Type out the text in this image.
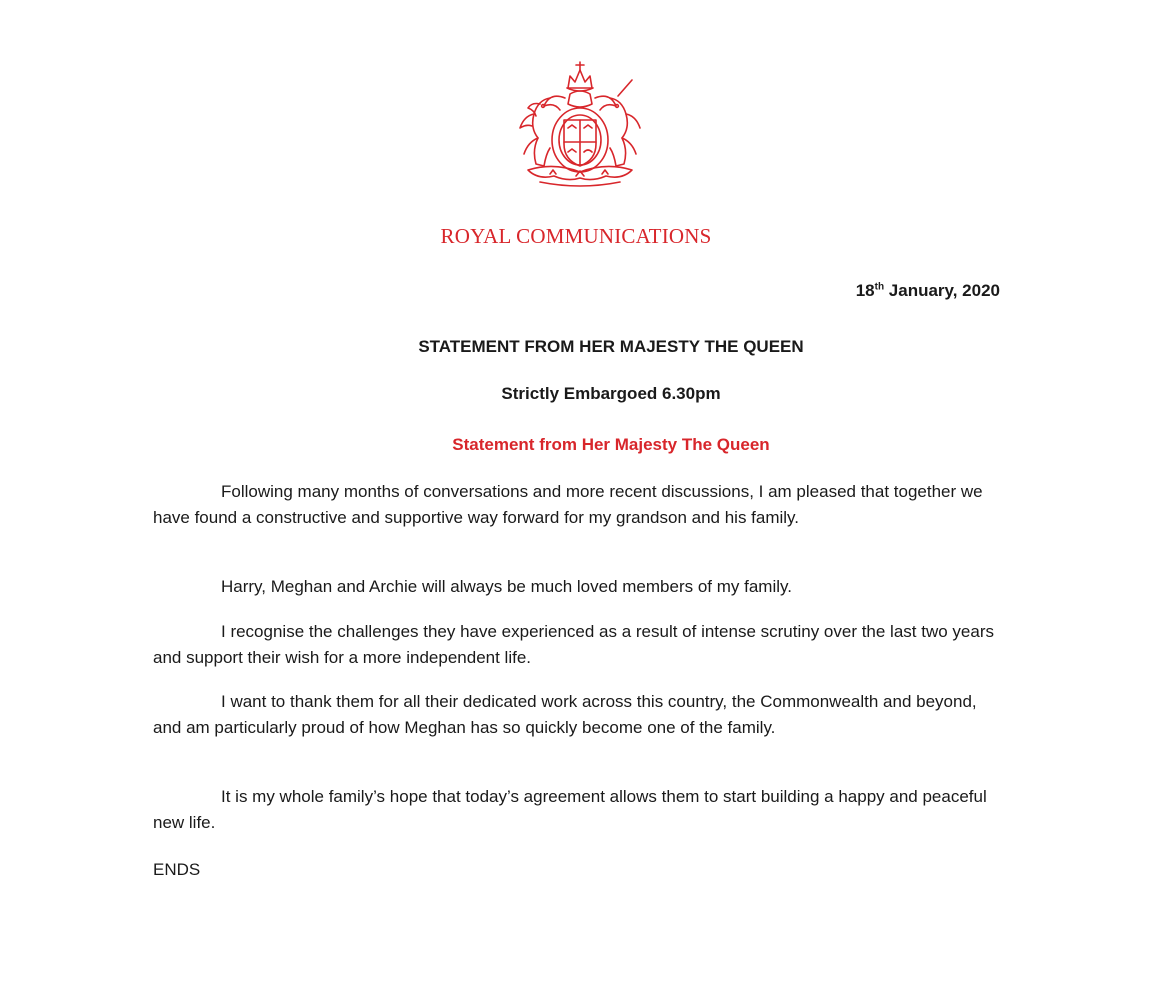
ROYAL COMMUNICATIONS
18th January, 2020
STATEMENT FROM HER MAJESTY THE QUEEN
Strictly Embargoed 6.30pm
Statement from Her Majesty The Queen

Following many months of conversations and more recent discussions, I am pleased that together we have found a constructive and supportive way forward for my grandson and his family.

Harry, Meghan and Archie will always be much loved members of my family.

I recognise the challenges they have experienced as a result of intense scrutiny over the last two years and support their wish for a more independent life.

I want to thank them for all their dedicated work across this country, the Commonwealth and beyond, and am particularly proud of how Meghan has so quickly become one of the family.

It is my whole family’s hope that today’s agreement allows them to start building a happy and peaceful new life.

ENDS
